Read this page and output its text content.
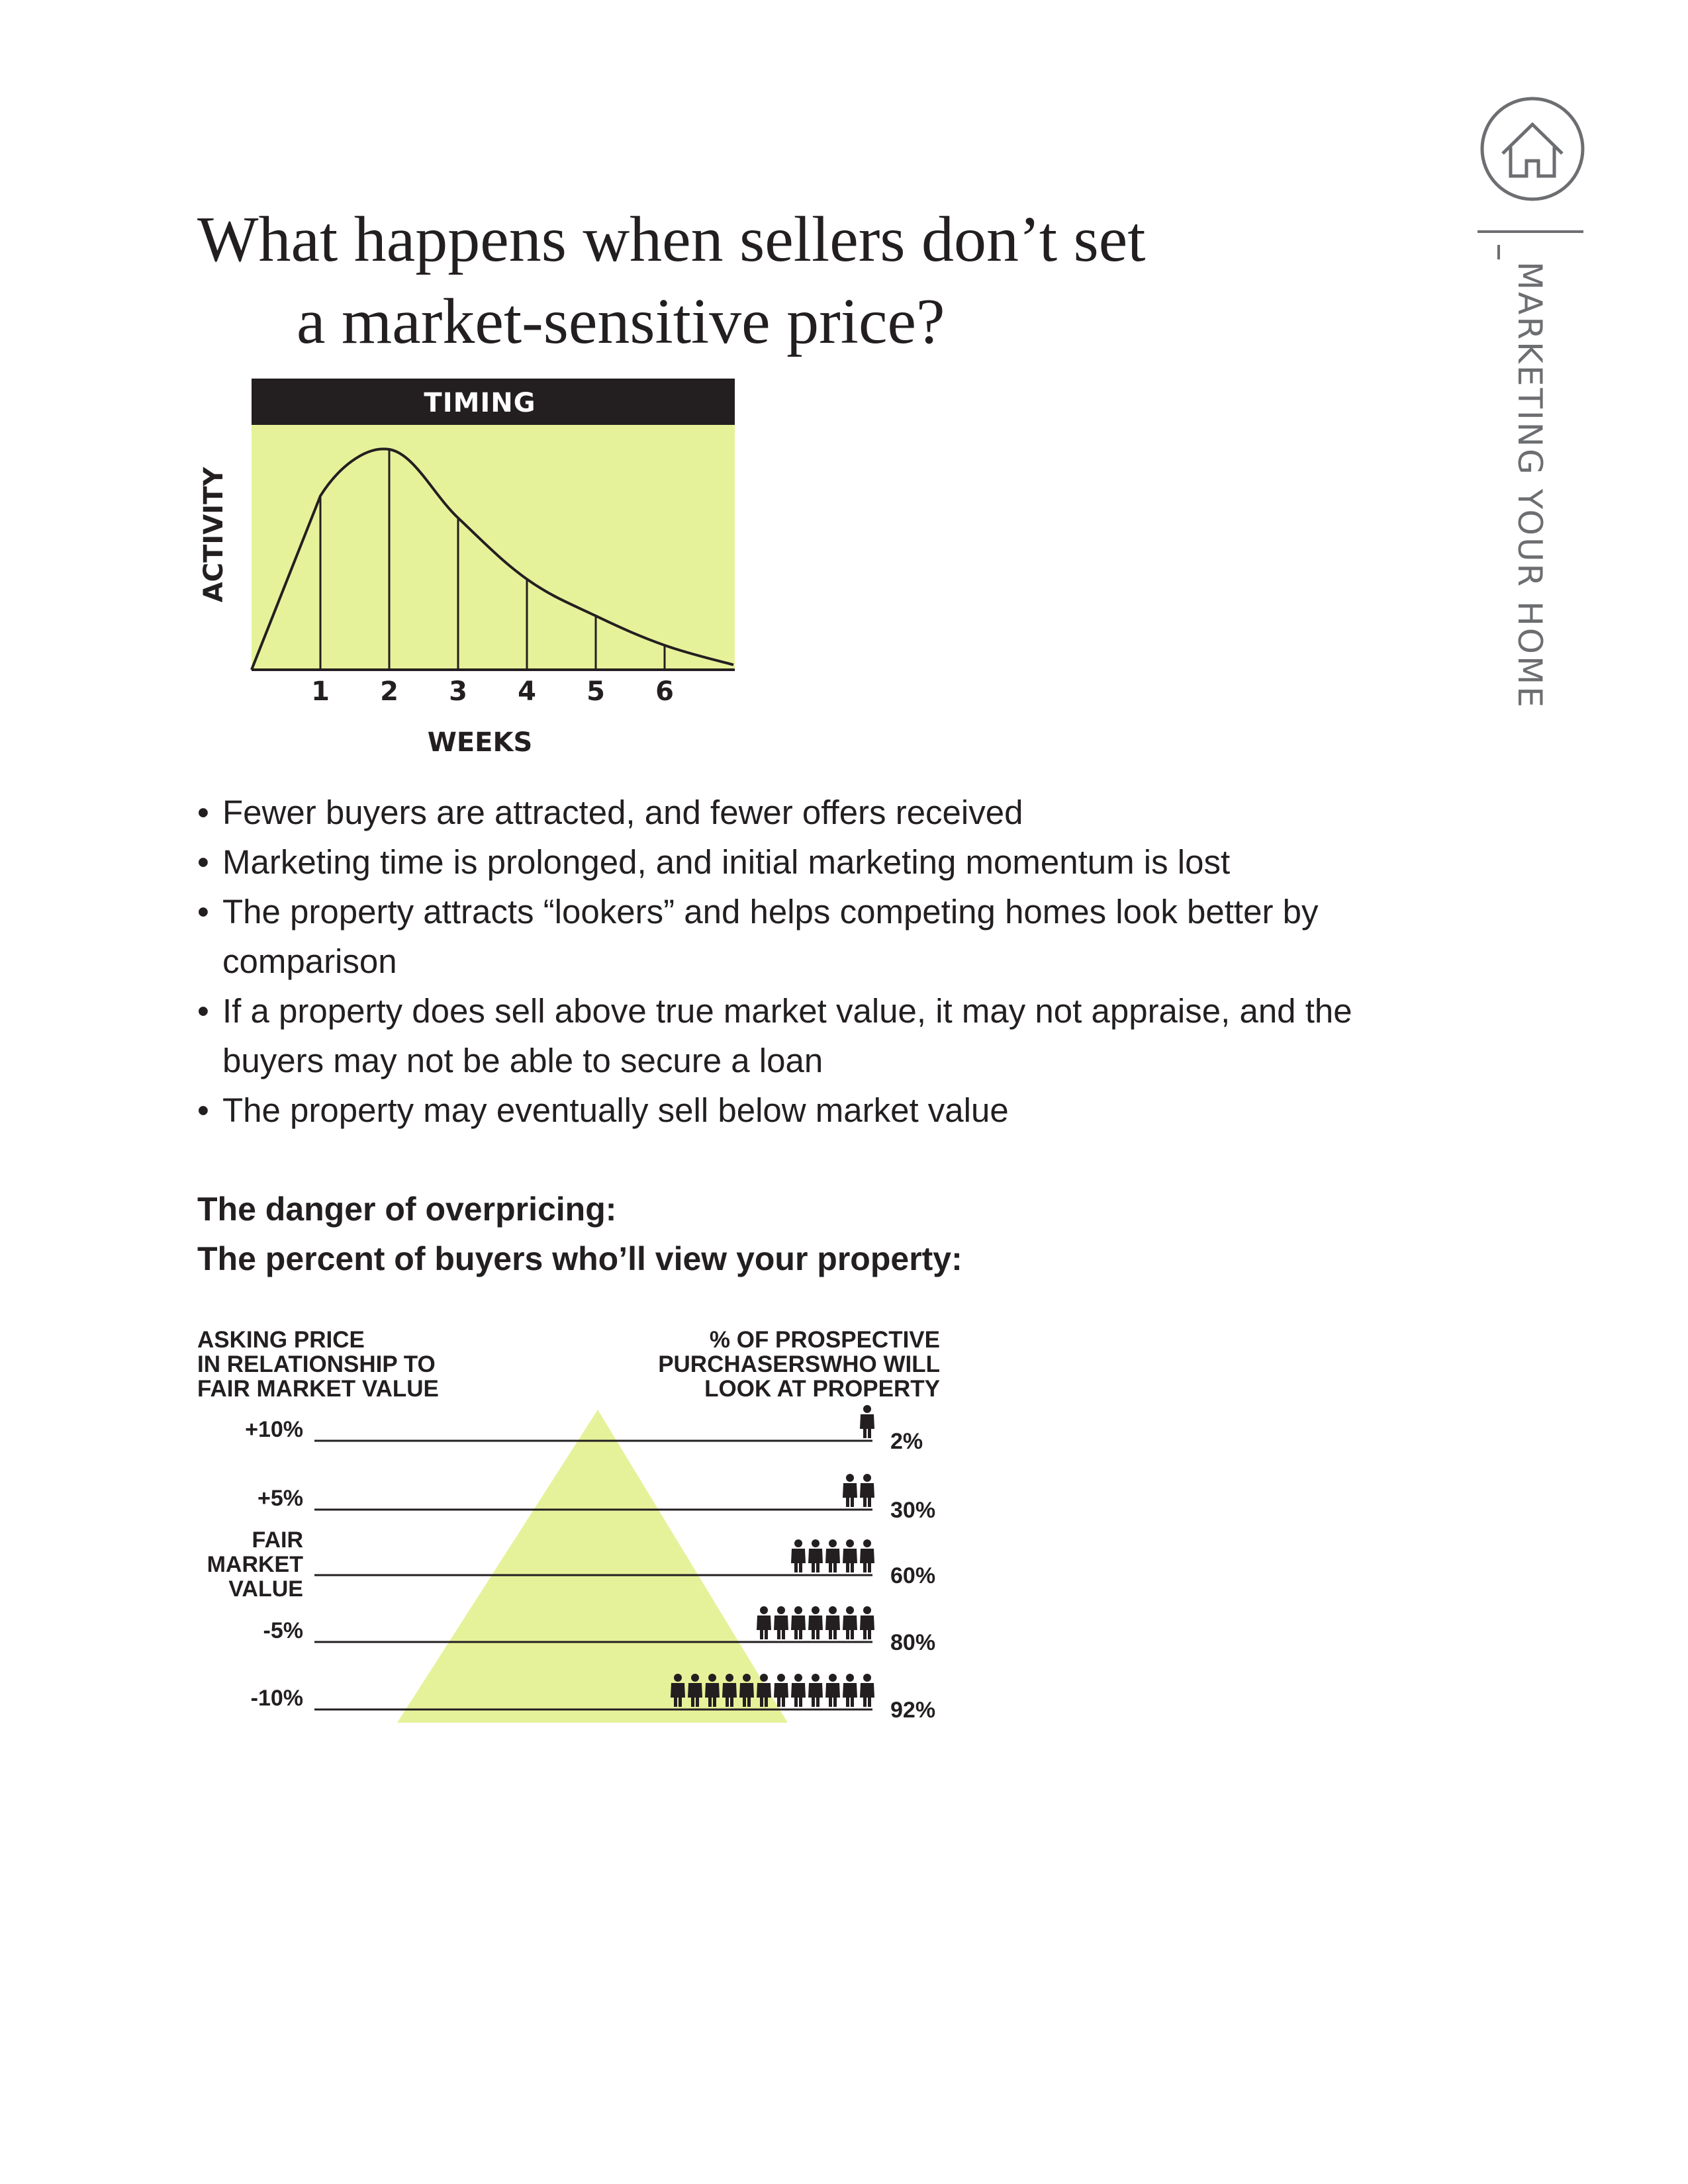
What happens when sellers don’t set
a market-sensitive price?	MARKETING YOUR HOME
TIMING
1 2 3 4 5 6
WEEKS
ACTIVITY
• Fewer buyers are attracted, and fewer offers received
• Marketing time is prolonged, and initial marketing momentum is lost
• The property attracts “lookers” and helps competing homes look better by comparison
• If a property does sell above true market value, it may not appraise, and the buyers may not be able to secure a loan
• The property may eventually sell below market value

The danger of overpricing:

The percent of buyers who’ll view your property:

ASKING PRICE
IN RELATIONSHIP TO
FAIR MARKET VALUE
% OF PROSPECTIVE
PURCHASERSWHO WILL
LOOK AT PROPERTY
+10%
+5%
FAIR
MARKET
VALUE
-5%
-10%
2%
30%
60%
80%
92%
